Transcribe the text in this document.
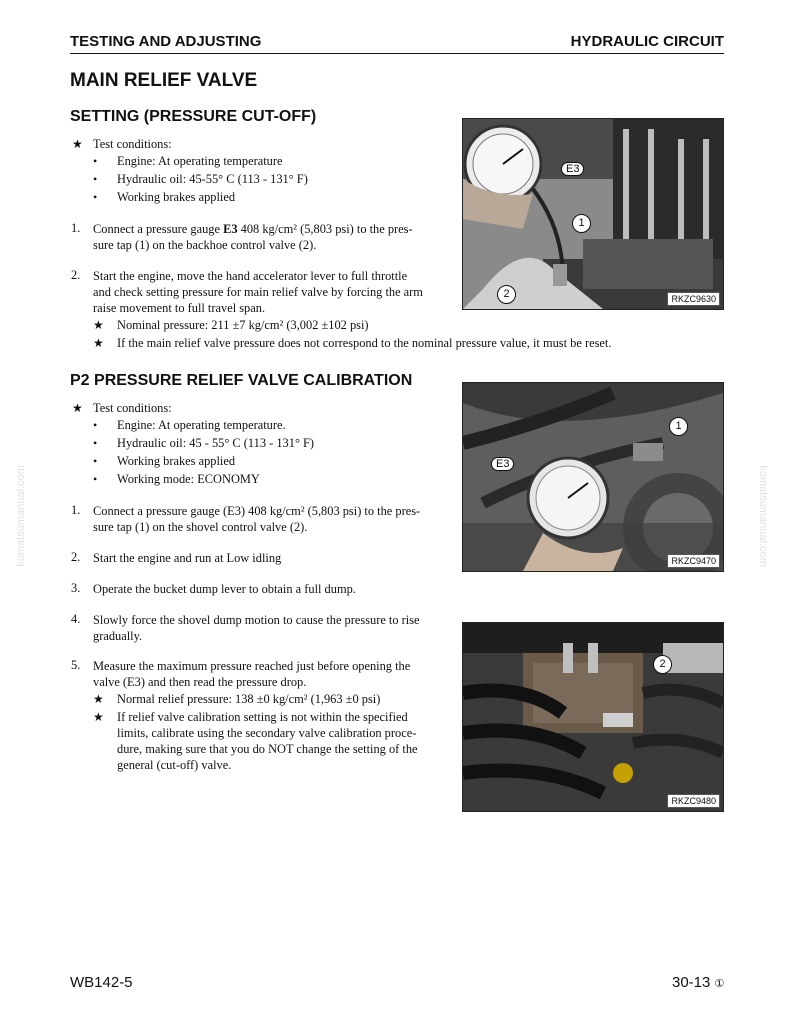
TESTING AND ADJUSTING	HYDRAULIC CIRCUIT
MAIN RELIEF VALVE
SETTING (PRESSURE CUT-OFF)
★ Test conditions:
• Engine: At operating temperature
• Hydraulic oil: 45-55° C (113 - 131° F)
• Working brakes applied
1. Connect a pressure gauge E3 408 kg/cm² (5,803 psi) to the pres-
sure tap (1) on the backhoe control valve (2).
2. Start the engine, move the hand accelerator lever to full throttle
and check setting pressure for main relief valve by forcing the arm
raise movement to full travel span.
★ Nominal pressure: 211 ±7 kg/cm² (3,002 ±102 psi)
★ If the main relief valve pressure does not correspond to the nominal pressure value, it must be reset.
E3
1
2	RKZC9630
P2 PRESSURE RELIEF VALVE CALIBRATION
★ Test conditions:
• Engine: At operating temperature.
• Hydraulic oil: 45 - 55° C (113 - 131° F)
• Working brakes applied
• Working mode: ECONOMY
1. Connect a pressure gauge (E3) 408 kg/cm² (5,803 psi) to the pres-
sure tap (1) on the shovel control valve (2).
2. Start the engine and run at Low idling
3. Operate the bucket dump lever to obtain a full dump.
4. Slowly force the shovel dump motion to cause the pressure to rise
gradually.
5. Measure the maximum pressure reached just before opening the
valve (E3) and then read the pressure drop.
★ Normal relief pressure: 138 ±0 kg/cm² (1,963 ±0 psi)
★ If relief valve calibration setting is not within the specified
limits, calibrate using the secondary valve calibration proce-
dure, making sure that you do NOT change the setting of the
general (cut-off) valve.
E3
1
RKZC9470
2
RKZC9480
komatsumanual.com	komatsumanual.com
WB142-5	30-13 ①
